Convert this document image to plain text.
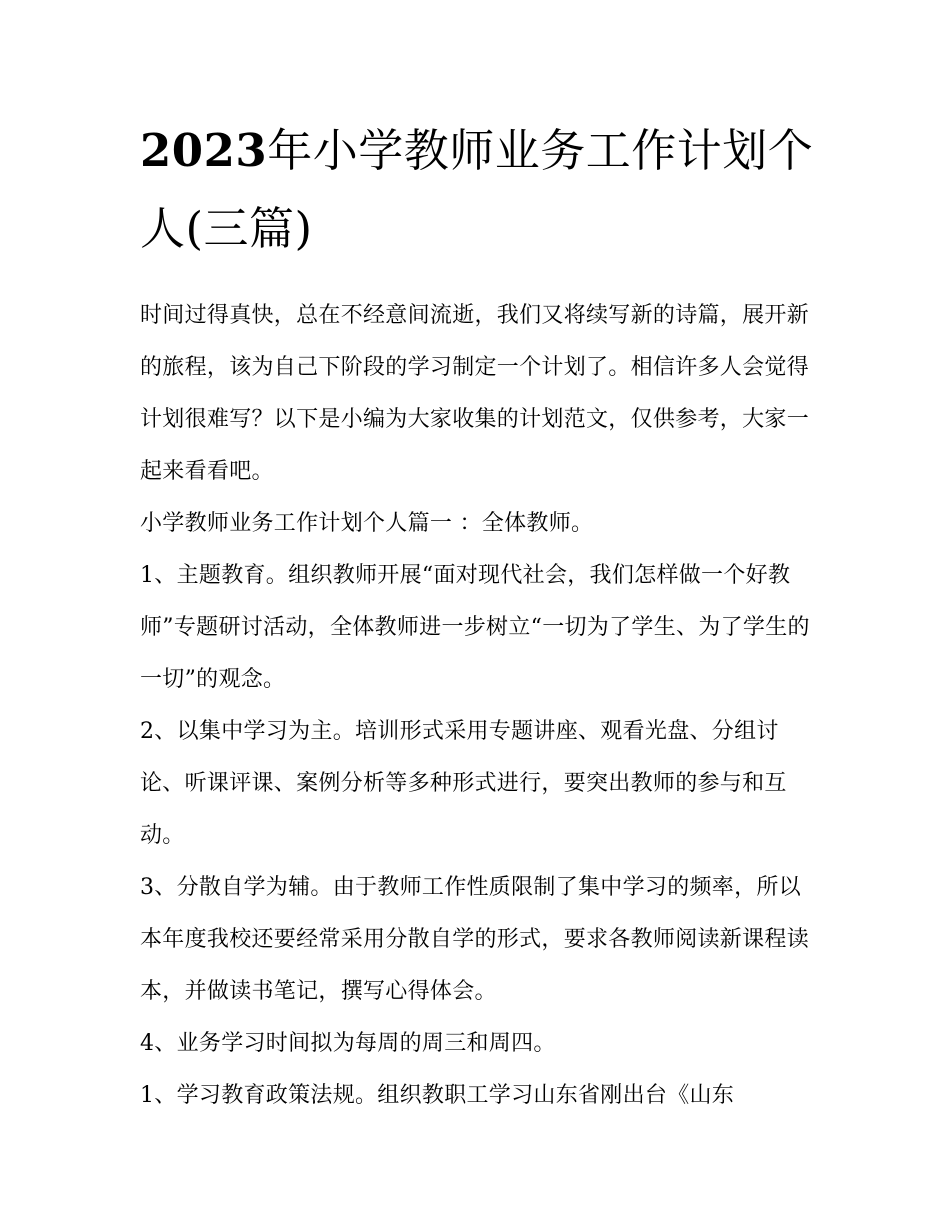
2023年小学教师业务工作计划个人(三篇)

时间过得真快，总在不经意间流逝，我们又将续写新的诗篇，展开新的旅程，该为自己下阶段的学习制定一个计划了。相信许多人会觉得计划很难写？以下是小编为大家收集的计划范文，仅供参考，大家一起来看看吧。

小学教师业务工作计划个人篇一 ：全体教师。

1、主题教育。组织教师开展“面对现代社会，我们怎样做一个好教师”专题研讨活动，全体教师进一步树立“一切为了学生、为了学生的一切”的观念。

2、以集中学习为主。培训形式采用专题讲座、观看光盘、分组讨论、听课评课、案例分析等多种形式进行，要突出教师的参与和互动。

3、分散自学为辅。由于教师工作性质限制了集中学习的频率，所以本年度我校还要经常采用分散自学的形式，要求各教师阅读新课程读本，并做读书笔记，撰写心得体会。

4、业务学习时间拟为每周的周三和周四。

1、学习教育政策法规。组织教职工学习山东省刚出台《山东
